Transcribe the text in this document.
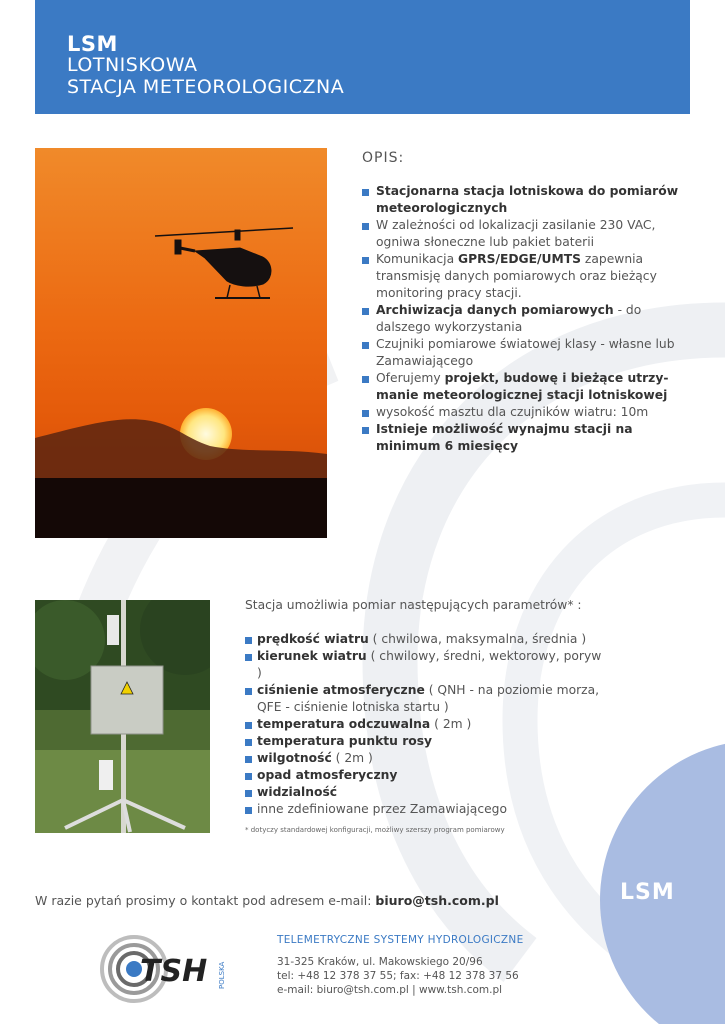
LSM
LOTNISKOWA
STACJA METEOROLOGICZNA
OPIS:
Stacjonarna stacja lotniskowa do pomiarów meteorologicznych
W zależności od lokalizacji zasilanie 230 VAC, ogniwa słoneczne lub pakiet baterii
Komunikacja GPRS/EDGE/UMTS zapewnia transmisję danych pomiarowych oraz bieżący monitoring pracy stacji.
Archiwizacja danych pomiarowych - do dalszego wykorzystania
Czujniki pomiarowe światowej klasy - własne lub Zamawiającego
Oferujemy projekt, budowę i bieżące utrzy-manie meteorologicznej stacji lotniskowej
wysokość masztu dla czujników wiatru: 10m
Istnieje możliwość wynajmu stacji na minimum 6 miesięcy
Stacja umożliwia pomiar następujących parametrów* :
prędkość wiatru ( chwilowa, maksymalna, średnia )
kierunek wiatru ( chwilowy, średni, wektorowy, poryw )
ciśnienie atmosferyczne ( QNH - na poziomie morza, QFE - ciśnienie lotniska startu )
temperatura odczuwalna ( 2m )
temperatura punktu rosy
wilgotność ( 2m )
opad atmosferyczny
widzialność
inne zdefiniowane przez Zamawiającego
* dotyczy standardowej konfiguracji, możliwy szerszy program pomiarowy
W razie pytań prosimy o kontakt pod adresem e-mail: biuro@tsh.com.pl	LSM
TSH POLSKA
TELEMETRYCZNE SYSTEMY HYDROLOGICZNE
31-325 Kraków, ul. Makowskiego 20/96
tel: +48 12 378 37 55; fax: +48 12 378 37 56
e-mail: biuro@tsh.com.pl | www.tsh.com.pl
